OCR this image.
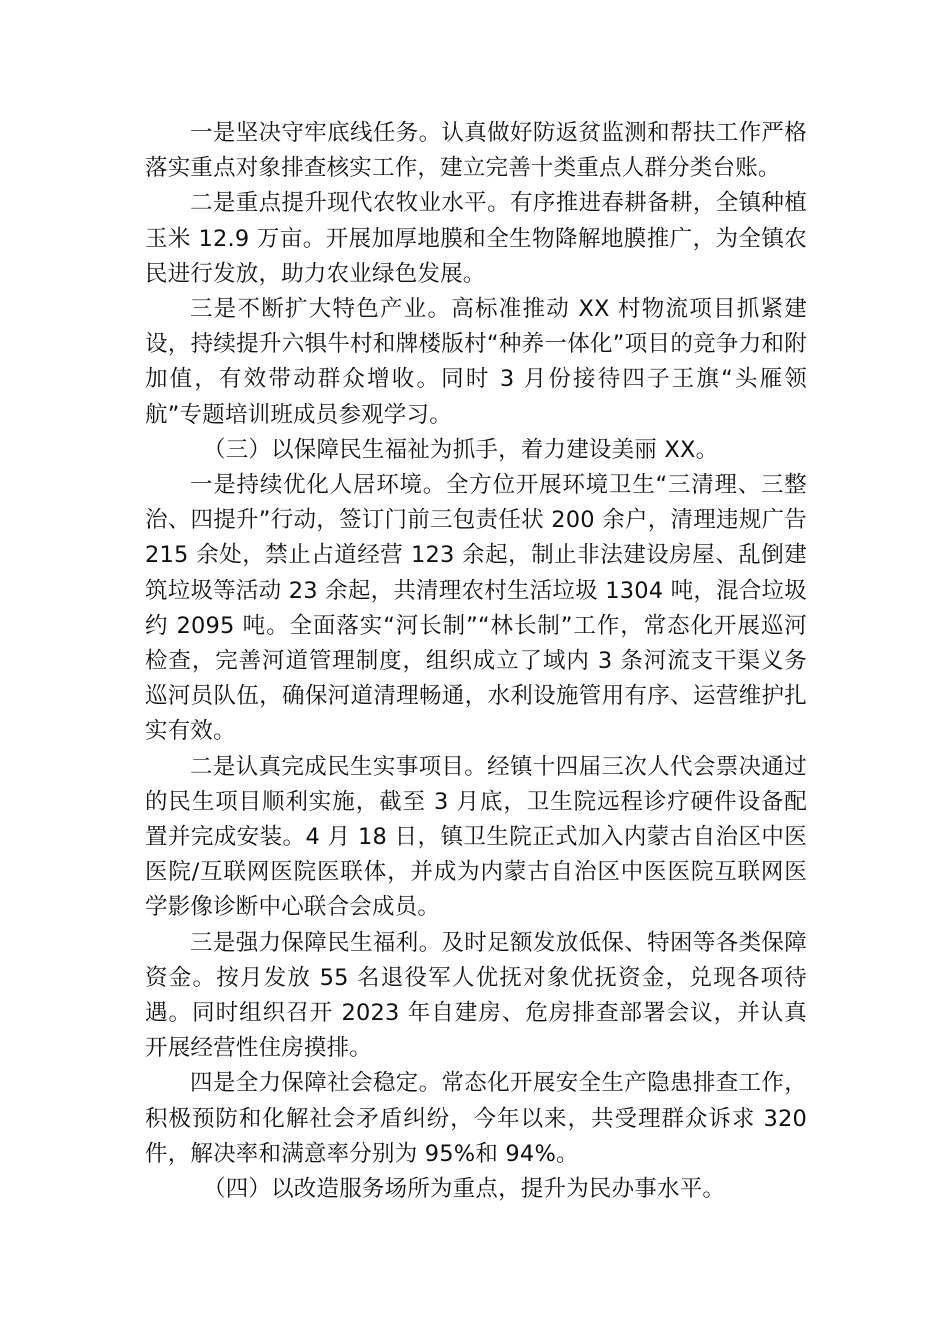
一是坚决守牢底线任务。认真做好防返贫监测和帮扶工作严格落实重点对象排查核实工作，建立完善十类重点人群分类台账。

二是重点提升现代农牧业水平。有序推进春耕备耕，全镇种植玉米 12.9 万亩。开展加厚地膜和全生物降解地膜推广，为全镇农民进行发放，助力农业绿色发展。

三是不断扩大特色产业。高标准推动 XX 村物流项目抓紧建设，持续提升六犋牛村和牌楼版村“种养一体化”项目的竞争力和附加值，有效带动群众增收。同时 3 月份接待四子王旗“头雁领航”专题培训班成员参观学习。

（三）以保障民生福祉为抓手，着力建设美丽 XX。

一是持续优化人居环境。全方位开展环境卫生“三清理、三整治、四提升”行动，签订门前三包责任状 200 余户，清理违规广告 215 余处，禁止占道经营 123 余起，制止非法建设房屋、乱倒建筑垃圾等活动 23 余起，共清理农村生活垃圾 1304 吨，混合垃圾约 2095 吨。全面落实“河长制”“林长制”工作，常态化开展巡河检查，完善河道管理制度，组织成立了域内 3 条河流支干渠义务巡河员队伍，确保河道清理畅通，水利设施管用有序、运营维护扎实有效。

二是认真完成民生实事项目。经镇十四届三次人代会票决通过的民生项目顺利实施，截至 3 月底，卫生院远程诊疗硬件设备配置并完成安装。4 月 18 日，镇卫生院正式加入内蒙古自治区中医医院/互联网医院医联体，并成为内蒙古自治区中医医院互联网医学影像诊断中心联合会成员。

三是强力保障民生福利。及时足额发放低保、特困等各类保障资金。按月发放 55 名退役军人优抚对象优抚资金，兑现各项待遇。同时组织召开 2023 年自建房、危房排查部署会议，并认真开展经营性住房摸排。

四是全力保障社会稳定。常态化开展安全生产隐患排查工作，积极预防和化解社会矛盾纠纷，今年以来，共受理群众诉求 320 件，解决率和满意率分别为 95%和 94%。

（四）以改造服务场所为重点，提升为民办事水平。
